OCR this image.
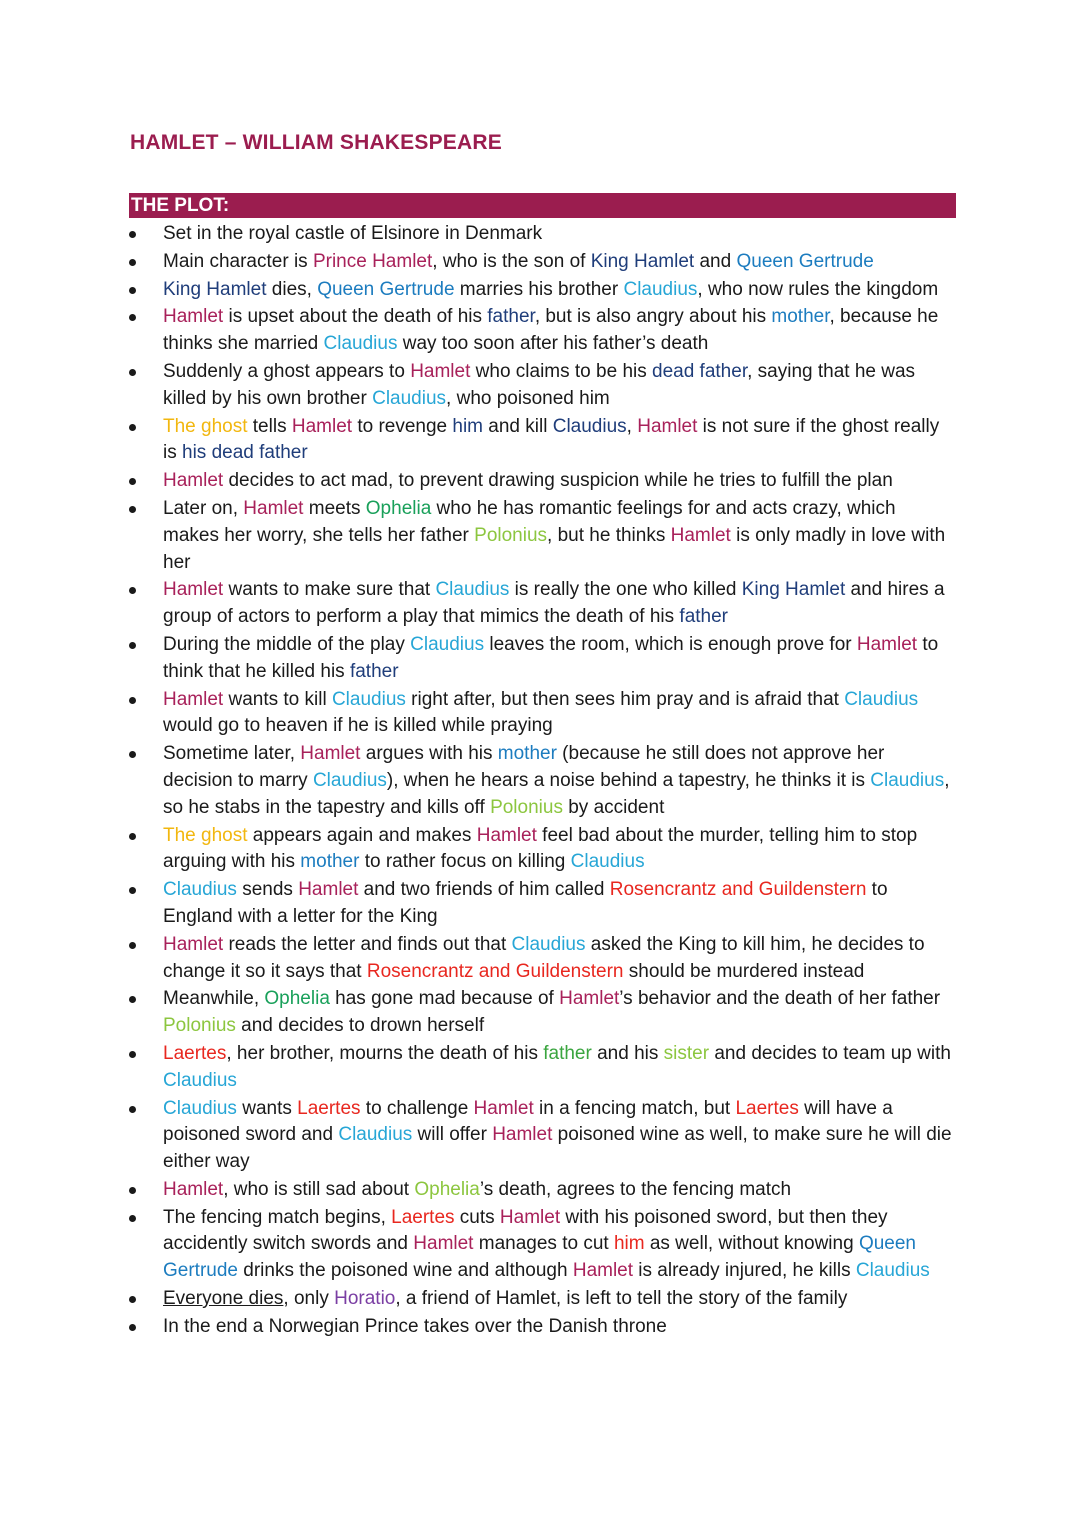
HAMLET – WILLIAM SHAKESPEARE
THE PLOT:
Set in the royal castle of Elsinore in Denmark
Main character is Prince Hamlet, who is the son of King Hamlet and Queen Gertrude
King Hamlet dies, Queen Gertrude marries his brother Claudius, who now rules the kingdom
Hamlet is upset about the death of his father, but is also angry about his mother, because he thinks she married Claudius way too soon after his father’s death
Suddenly a ghost appears to Hamlet who claims to be his dead father, saying that he was killed by his own brother Claudius, who poisoned him
The ghost tells Hamlet to revenge him and kill Claudius, Hamlet is not sure if the ghost really is his dead father
Hamlet decides to act mad, to prevent drawing suspicion while he tries to fulfill the plan
Later on, Hamlet meets Ophelia who he has romantic feelings for and acts crazy, which makes her worry, she tells her father Polonius, but he thinks Hamlet is only madly in love with her
Hamlet wants to make sure that Claudius is really the one who killed King Hamlet and hires a group of actors to perform a play that mimics the death of his father
During the middle of the play Claudius leaves the room, which is enough prove for Hamlet to think that he killed his father
Hamlet wants to kill Claudius right after, but then sees him pray and is afraid that Claudius would go to heaven if he is killed while praying
Sometime later, Hamlet argues with his mother (because he still does not approve her decision to marry Claudius), when he hears a noise behind a tapestry, he thinks it is Claudius, so he stabs in the tapestry and kills off Polonius by accident
The ghost appears again and makes Hamlet feel bad about the murder, telling him to stop arguing with his mother to rather focus on killing Claudius
Claudius sends Hamlet and two friends of him called Rosencrantz and Guildenstern to England with a letter for the King
Hamlet reads the letter and finds out that Claudius asked the King to kill him, he decides to change it so it says that Rosencrantz and Guildenstern should be murdered instead
Meanwhile, Ophelia has gone mad because of Hamlet’s behavior and the death of her father Polonius and decides to drown herself
Laertes, her brother, mourns the death of his father and his sister and decides to team up with Claudius
Claudius wants Laertes to challenge Hamlet in a fencing match, but Laertes will have a poisoned sword and Claudius will offer Hamlet poisoned wine as well, to make sure he will die either way
Hamlet, who is still sad about Ophelia’s death, agrees to the fencing match
The fencing match begins, Laertes cuts Hamlet with his poisoned sword, but then they accidently switch swords and Hamlet manages to cut him as well, without knowing Queen Gertrude drinks the poisoned wine and although Hamlet is already injured, he kills Claudius
Everyone dies, only Horatio, a friend of Hamlet, is left to tell the story of the family
In the end a Norwegian Prince takes over the Danish throne
